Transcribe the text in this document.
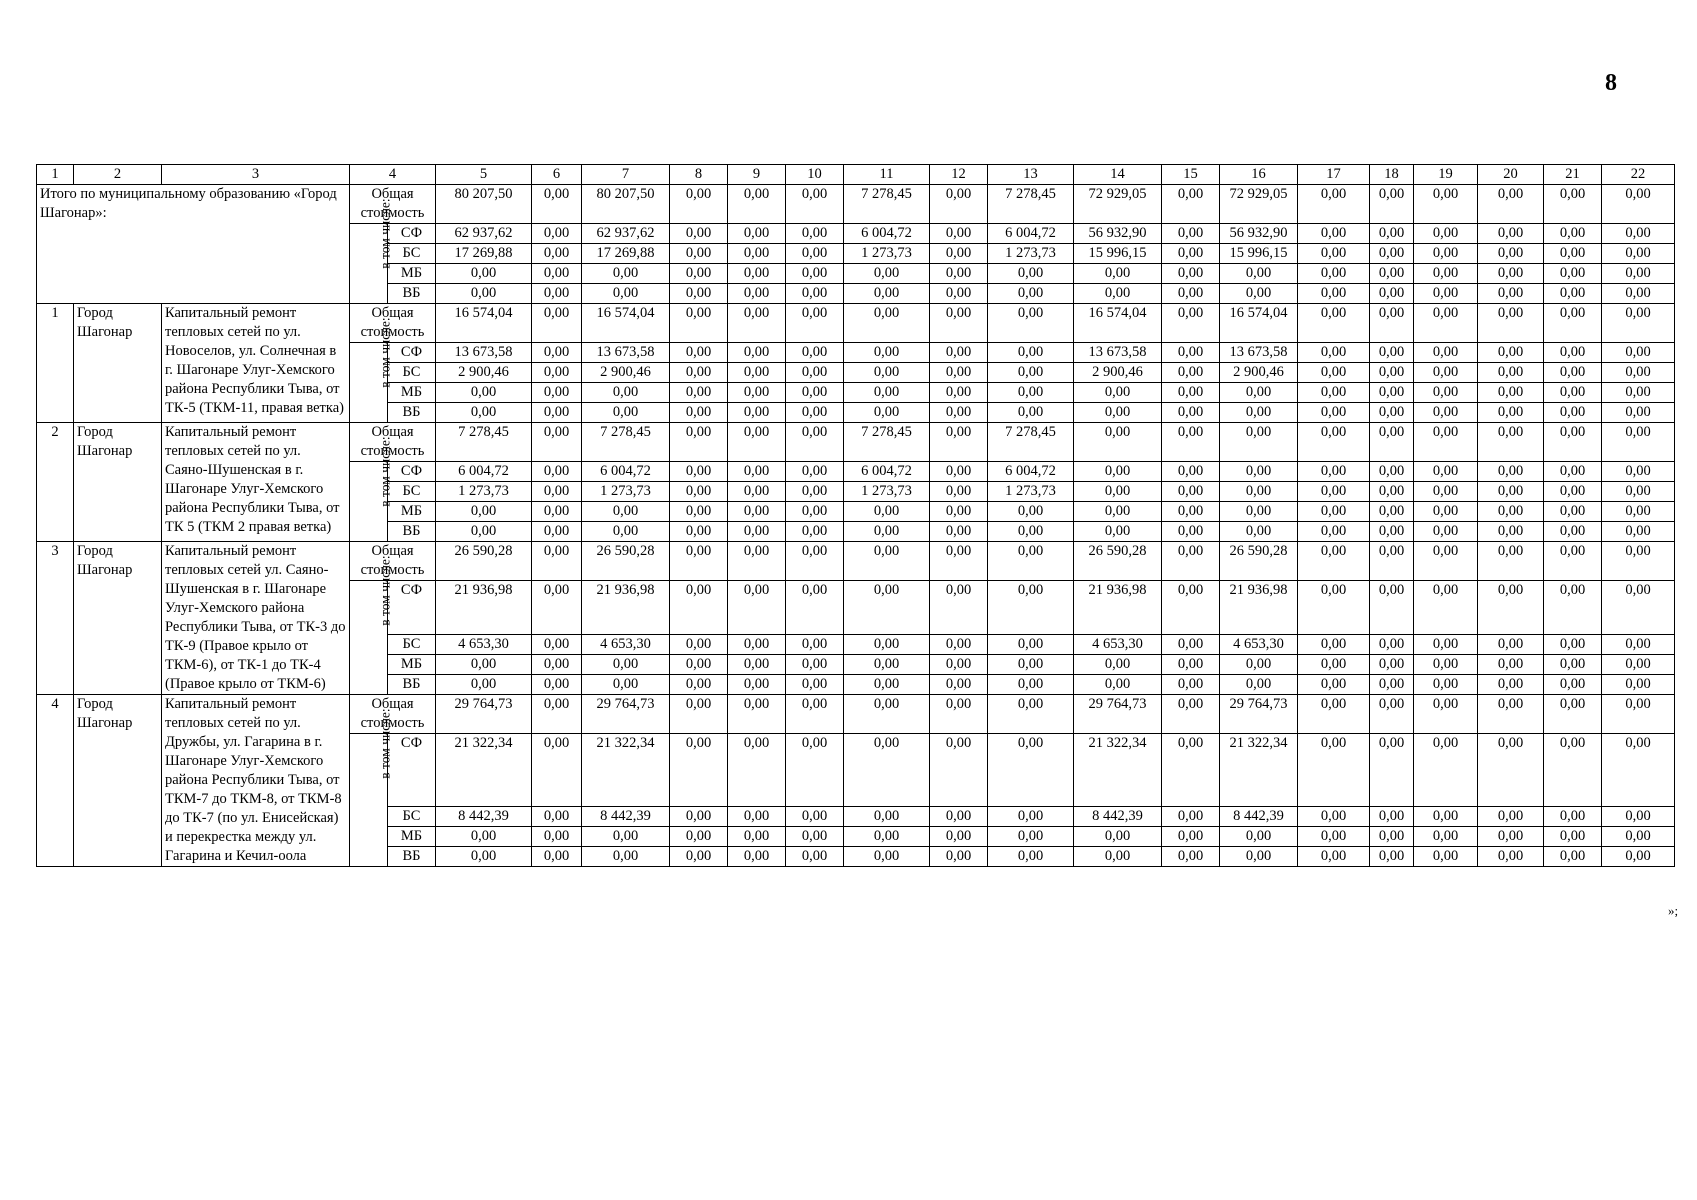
8
1	2	3	4		5	6	7	8	9	10	11	12	13	14	15	16	17	18	19	20	21	22
Итого по муниципальному образованию «Город Шагонар»:			Общая стоимость		80 207,50	0,00	80 207,50	0,00	0,00	0,00	7 278,45	0,00	7 278,45	72 929,05	0,00	72 929,05	0,00	0,00	0,00	0,00	0,00	0,00
			в том числе:	СФ	62 937,62	0,00	62 937,62	0,00	0,00	0,00	6 004,72	0,00	6 004,72	56 932,90	0,00	56 932,90	0,00	0,00	0,00	0,00	0,00	0,00
				БС	17 269,88	0,00	17 269,88	0,00	0,00	0,00	1 273,73	0,00	1 273,73	15 996,15	0,00	15 996,15	0,00	0,00	0,00	0,00	0,00	0,00
				МБ	0,00	0,00	0,00	0,00	0,00	0,00	0,00	0,00	0,00	0,00	0,00	0,00	0,00	0,00	0,00	0,00	0,00	0,00
				ВБ	0,00	0,00	0,00	0,00	0,00	0,00	0,00	0,00	0,00	0,00	0,00	0,00	0,00	0,00	0,00	0,00	0,00	0,00
1	Город Шагонар	Капитальный ремонт тепловых сетей по ул. Новоселов, ул. Солнечная в г. Шагонаре Улуг-Хемского района Республики Тыва, от ТК-5 (ТКМ-11, правая ветка)	Общая стоимость		16 574,04	0,00	16 574,04	0,00	0,00	0,00	0,00	0,00	0,00	16 574,04	0,00	16 574,04	0,00	0,00	0,00	0,00	0,00	0,00
			в том числе:	СФ	13 673,58	0,00	13 673,58	0,00	0,00	0,00	0,00	0,00	0,00	13 673,58	0,00	13 673,58	0,00	0,00	0,00	0,00	0,00	0,00
				БС	2 900,46	0,00	2 900,46	0,00	0,00	0,00	0,00	0,00	0,00	2 900,46	0,00	2 900,46	0,00	0,00	0,00	0,00	0,00	0,00
				МБ	0,00	0,00	0,00	0,00	0,00	0,00	0,00	0,00	0,00	0,00	0,00	0,00	0,00	0,00	0,00	0,00	0,00	0,00
				ВБ	0,00	0,00	0,00	0,00	0,00	0,00	0,00	0,00	0,00	0,00	0,00	0,00	0,00	0,00	0,00	0,00	0,00	0,00
2	Город Шагонар	Капитальный ремонт тепловых сетей по ул. Саяно-Шушенская в г. Шагонаре Улуг-Хемского района Республики Тыва, от ТК 5 (ТКМ 2 правая ветка)	Общая стоимость		7 278,45	0,00	7 278,45	0,00	0,00	0,00	7 278,45	0,00	7 278,45	0,00	0,00	0,00	0,00	0,00	0,00	0,00	0,00	0,00
			в том числе:	СФ	6 004,72	0,00	6 004,72	0,00	0,00	0,00	6 004,72	0,00	6 004,72	0,00	0,00	0,00	0,00	0,00	0,00	0,00	0,00	0,00
				БС	1 273,73	0,00	1 273,73	0,00	0,00	0,00	1 273,73	0,00	1 273,73	0,00	0,00	0,00	0,00	0,00	0,00	0,00	0,00	0,00
				МБ	0,00	0,00	0,00	0,00	0,00	0,00	0,00	0,00	0,00	0,00	0,00	0,00	0,00	0,00	0,00	0,00	0,00	0,00
				ВБ	0,00	0,00	0,00	0,00	0,00	0,00	0,00	0,00	0,00	0,00	0,00	0,00	0,00	0,00	0,00	0,00	0,00	0,00
3	Город Шагонар	Капитальный ремонт тепловых сетей ул. Саяно-Шушенская в г. Шагонаре Улуг-Хемского района Республики Тыва, от ТК-3 до ТК-9 (Правое крыло от ТКМ-6), от ТК-1 до ТК-4 (Правое крыло от ТКМ-6)	Общая стоимость		26 590,28	0,00	26 590,28	0,00	0,00	0,00	0,00	0,00	0,00	26 590,28	0,00	26 590,28	0,00	0,00	0,00	0,00	0,00	0,00
			в том числе:	СФ	21 936,98	0,00	21 936,98	0,00	0,00	0,00	0,00	0,00	0,00	21 936,98	0,00	21 936,98	0,00	0,00	0,00	0,00	0,00	0,00
				БС	4 653,30	0,00	4 653,30	0,00	0,00	0,00	0,00	0,00	0,00	4 653,30	0,00	4 653,30	0,00	0,00	0,00	0,00	0,00	0,00
				МБ	0,00	0,00	0,00	0,00	0,00	0,00	0,00	0,00	0,00	0,00	0,00	0,00	0,00	0,00	0,00	0,00	0,00	0,00
				ВБ	0,00	0,00	0,00	0,00	0,00	0,00	0,00	0,00	0,00	0,00	0,00	0,00	0,00	0,00	0,00	0,00	0,00	0,00
4	Город Шагонар	Капитальный ремонт тепловых сетей по ул. Дружбы, ул. Гагарина в г. Шагонаре Улуг-Хемского района Республики Тыва, от ТКМ-7 до ТКМ-8, от ТКМ-8 до ТК-7 (по ул. Енисейская) и перекрестка между ул. Гагарина и Кечил-оола	Общая стоимость		29 764,73	0,00	29 764,73	0,00	0,00	0,00	0,00	0,00	0,00	29 764,73	0,00	29 764,73	0,00	0,00	0,00	0,00	0,00	0,00
			в том числе:	СФ	21 322,34	0,00	21 322,34	0,00	0,00	0,00	0,00	0,00	0,00	21 322,34	0,00	21 322,34	0,00	0,00	0,00	0,00	0,00	0,00
				БС	8 442,39	0,00	8 442,39	0,00	0,00	0,00	0,00	0,00	0,00	8 442,39	0,00	8 442,39	0,00	0,00	0,00	0,00	0,00	0,00
				МБ	0,00	0,00	0,00	0,00	0,00	0,00	0,00	0,00	0,00	0,00	0,00	0,00	0,00	0,00	0,00	0,00	0,00	0,00
				ВБ	0,00	0,00	0,00	0,00	0,00	0,00	0,00	0,00	0,00	0,00	0,00	0,00	0,00	0,00	0,00	0,00	0,00	0,00
»;
